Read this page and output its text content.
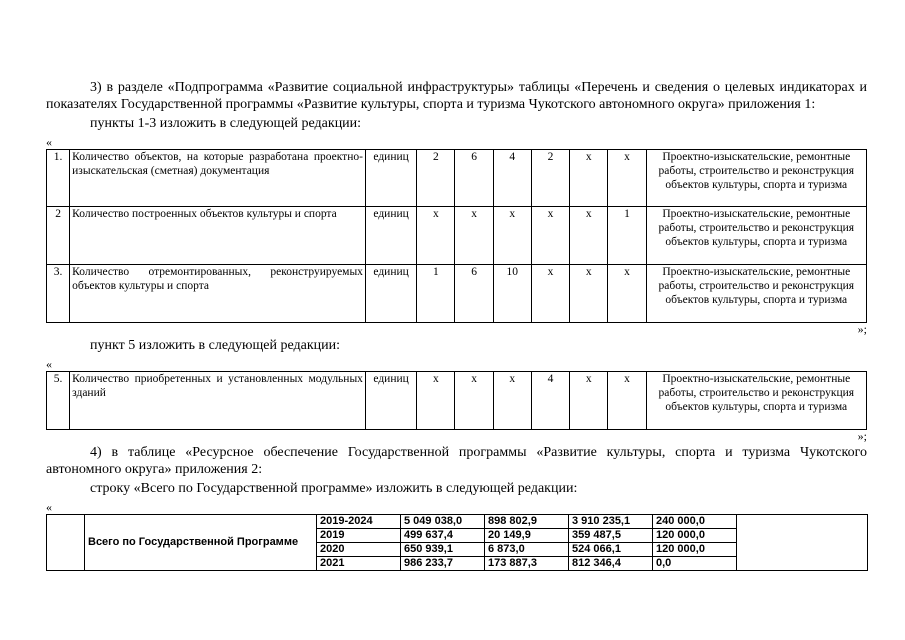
3) в разделе «Подпрограмма «Развитие социальной инфраструктуры» таблицы «Перечень и сведения о целевых индикаторах и показателях Государственной программы «Развитие культуры, спорта и туризма Чукотского автономного округа» приложения 1:

пункты 1-3 изложить в следующей редакции:

«

1.	Количество объектов, на которые разработана проектно-изыскательская (сметная) документация	единиц	2	6	4	2	х	х	Проектно-изыскательские, ремонтные работы, строительство и реконструкция объектов культуры, спорта и туризма
2	Количество построенных объектов культуры и спорта	единиц	х	х	х	х	х	1	Проектно-изыскательские, ремонтные работы, строительство и реконструкция объектов культуры, спорта и туризма
3.	Количество отремонтированных, реконструируемых объектов культуры и спорта	единиц	1	6	10	х	х	х	Проектно-изыскательские, ремонтные работы, строительство и реконструкция объектов культуры, спорта и туризма
»;

пункт 5 изложить в следующей редакции:

«

5.	Количество приобретенных и установленных модульных зданий	единиц	х	х	х	4	х	х	Проектно-изыскательские, ремонтные работы, строительство и реконструкция объектов культуры, спорта и туризма
»;

4) в таблице «Ресурсное обеспечение Государственной программы «Развитие культуры, спорта и туризма Чукотского автономного округа» приложения 2:

строку «Всего по Государственной программе» изложить в следующей редакции:

«

	Всего по Государственной Программе	2019-2024	5 049 038,0	898 802,9	3 910 235,1	240 000,0	
		2019	499 637,4	20 149,9	359 487,5	120 000,0	
		2020	650 939,1	6 873,0	524 066,1	120 000,0	
		2021	986 233,7	173 887,3	812 346,4	0,0	
